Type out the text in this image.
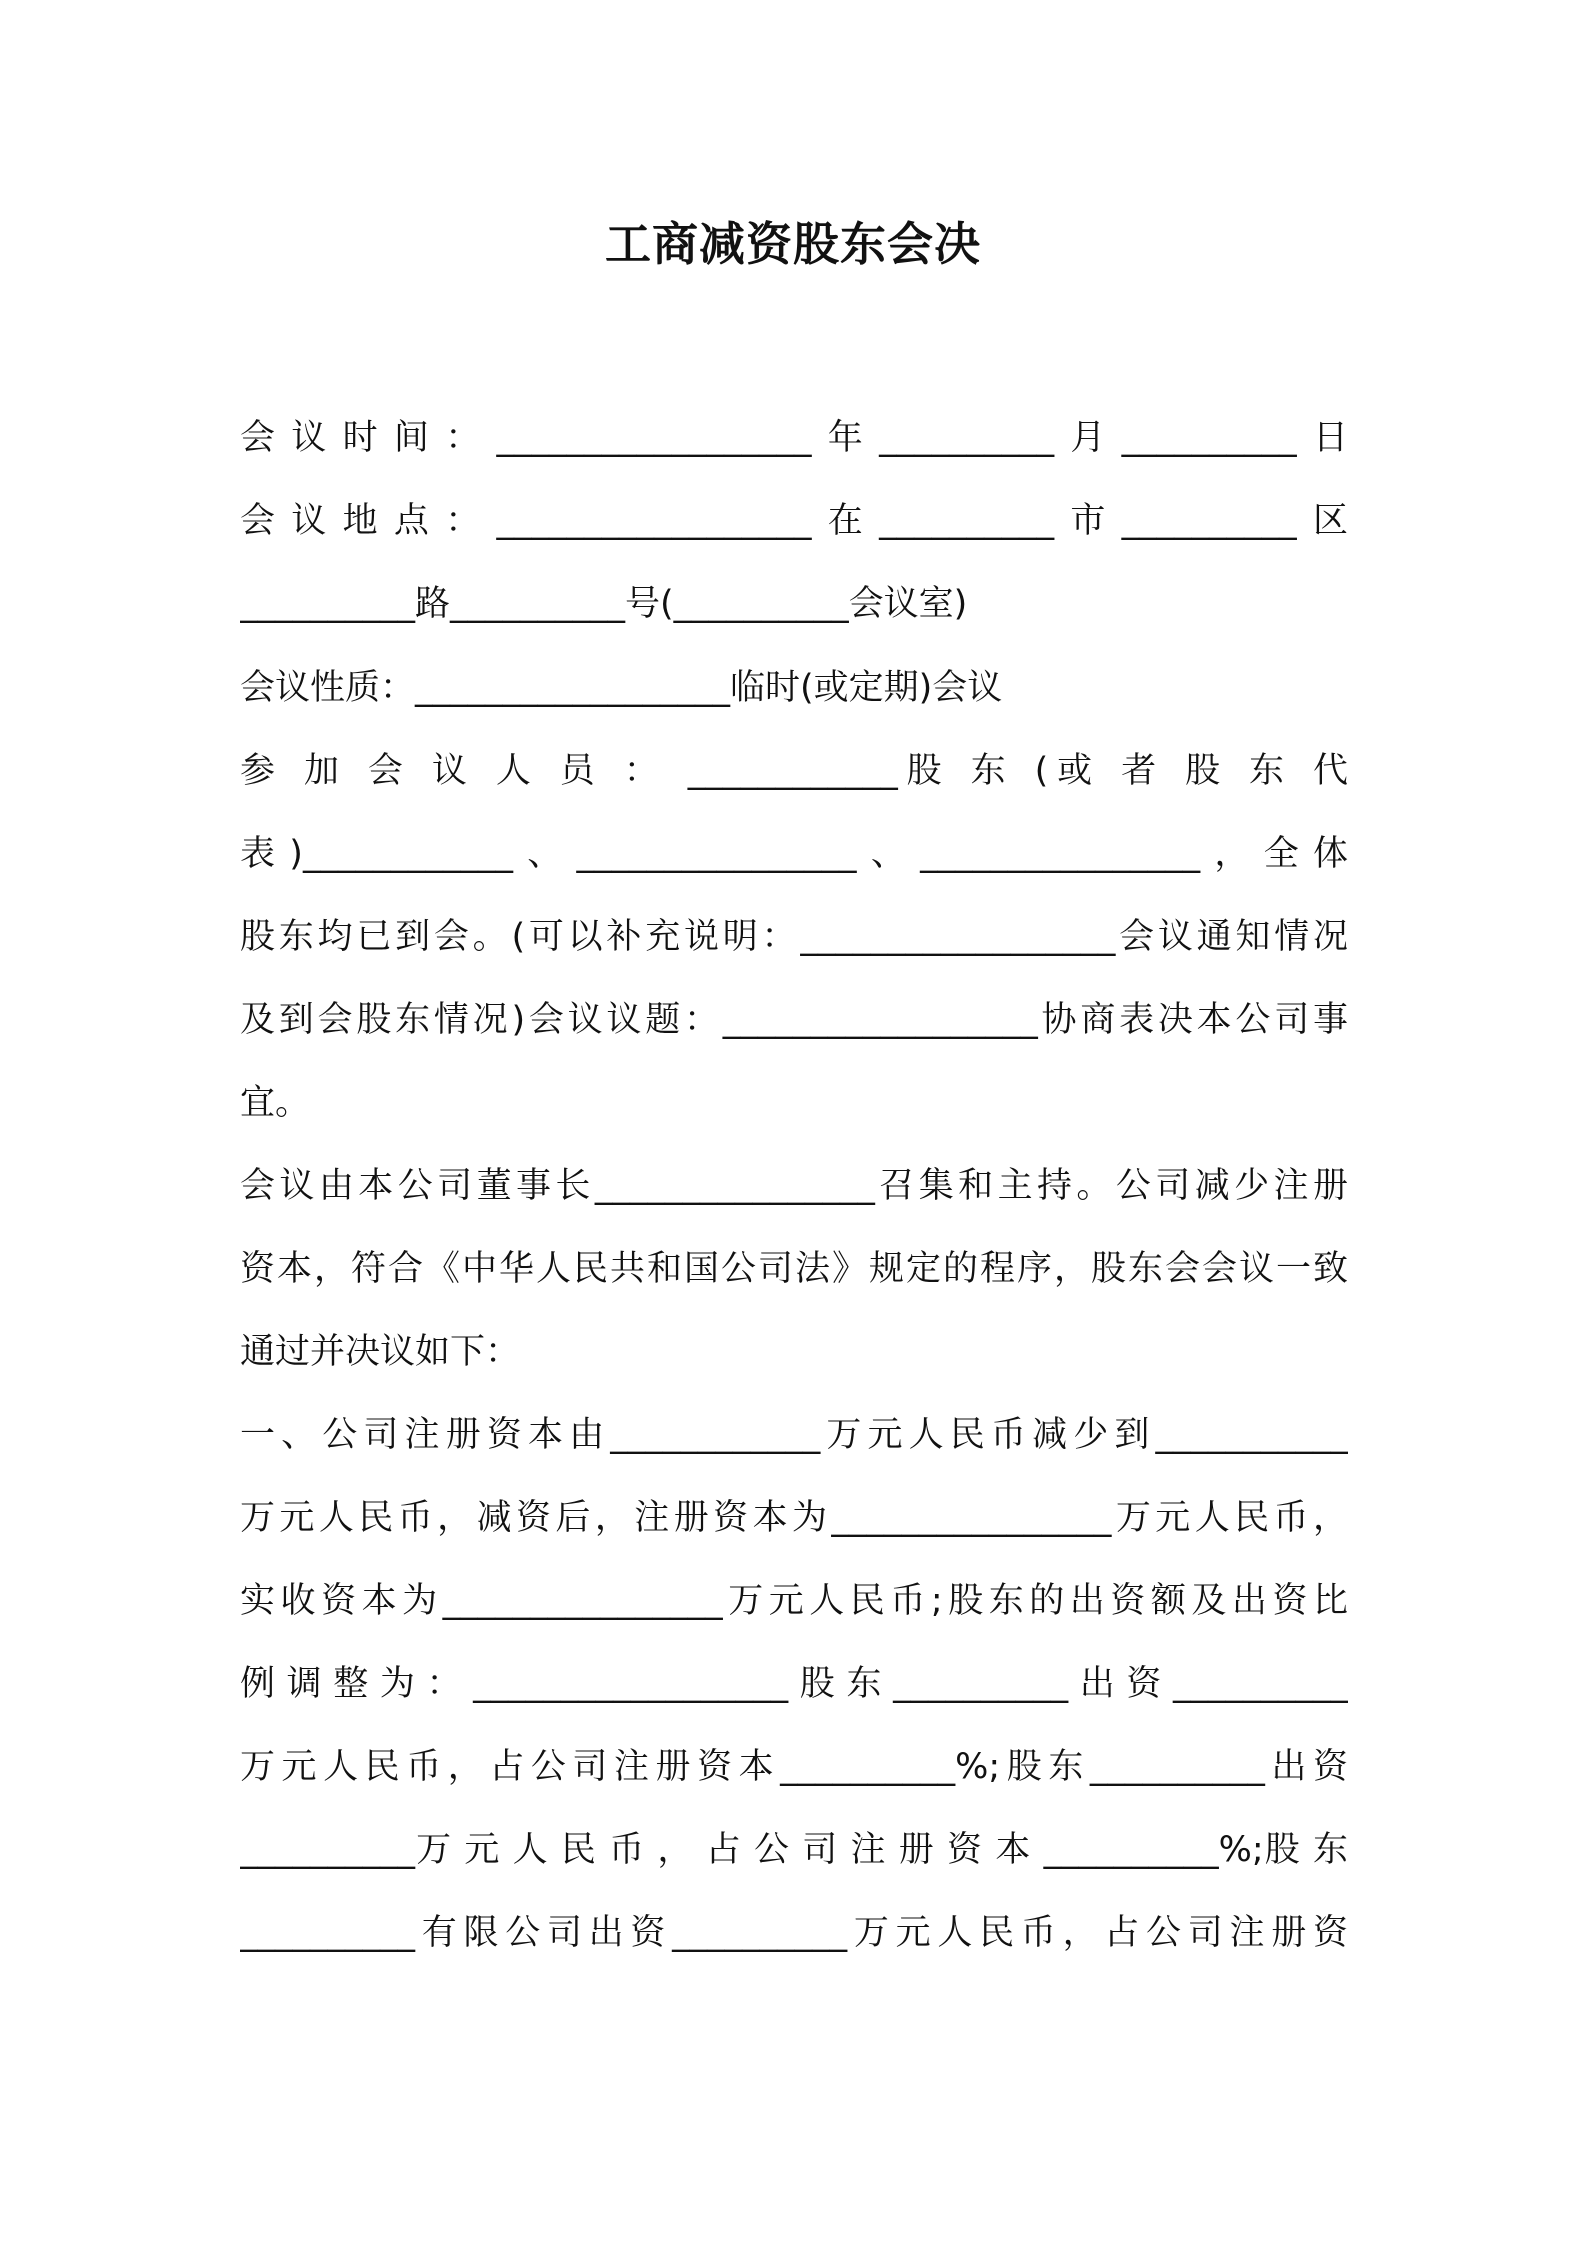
工商减资股东会决
会议时间：__________________年__________月__________日
会议地点：__________________在__________市__________区
__________路__________号(__________会议室)
会议性质：__________________临时(或定期)会议
参 加 会 议 人 员 ： ____________股 东 (或 者 股 东 代
表)____________、________________、________________，全体
股东均已到会。(可以补充说明：__________________会议通知情况
及到会股东情况)会议议题：__________________协商表决本公司事
宜。
会议由本公司董事长________________召集和主持。公司减少注册
资本，符合《中华人民共和国公司法》规定的程序，股东会会议一致
通过并决议如下：
一、公司注册资本由____________万元人民币减少到___________
万元人民币，减资后，注册资本为________________万元人民币，
实收资本为________________万元人民币;股东的出资额及出资比
例调整为：__________________股东__________出资__________
万元人民币，占公司注册资本__________%;股东__________出资
__________万 元 人 民 币 ， 占 公 司 注 册 资 本 __________%;股 东
__________有限公司出资__________万元人民币，占公司注册资
